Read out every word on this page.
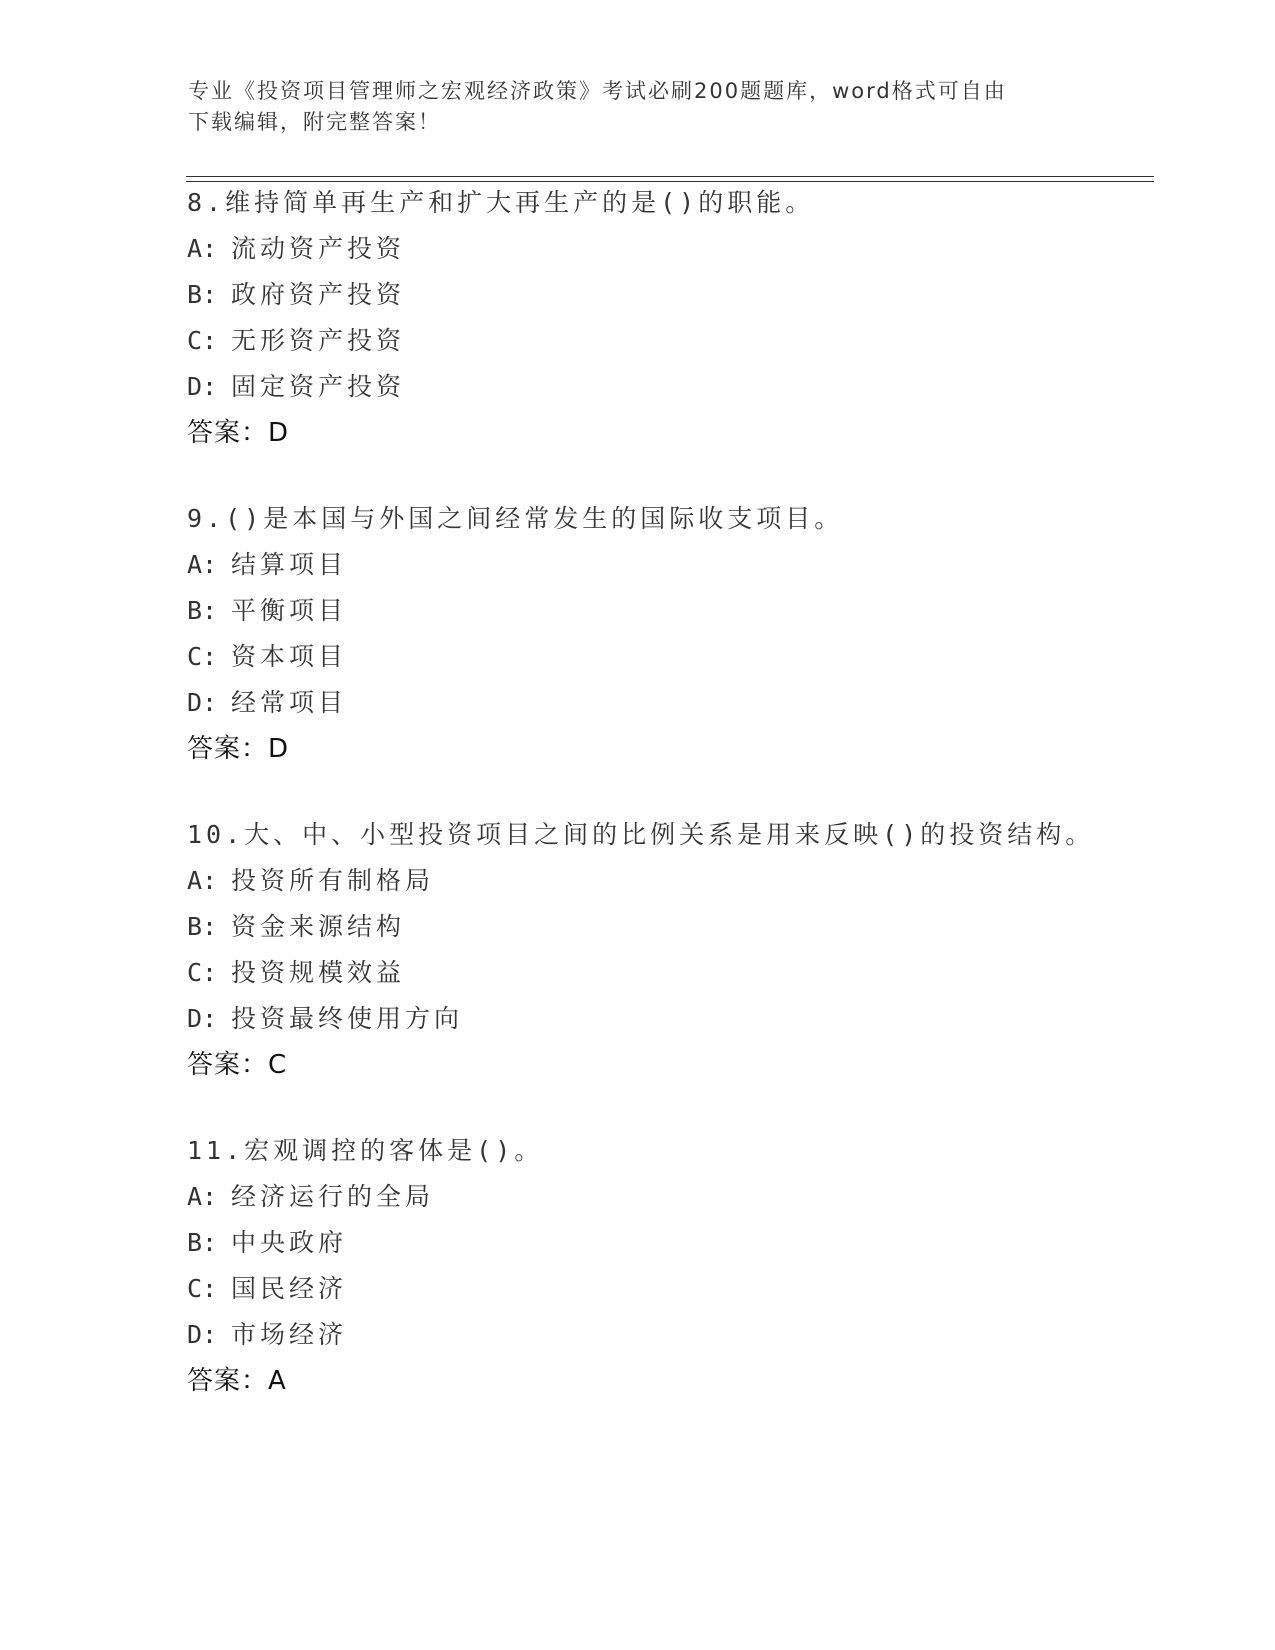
专业《投资项目管理师之宏观经济政策》考试必刷200题题库，word格式可自由
下载编辑，附完整答案！
8.维持简单再生产和扩大再生产的是()的职能。
A: 流动资产投资
B: 政府资产投资
C: 无形资产投资
D: 固定资产投资
答案：D
9.()是本国与外国之间经常发生的国际收支项目。
A: 结算项目
B: 平衡项目
C: 资本项目
D: 经常项目
答案：D
10.大、中、小型投资项目之间的比例关系是用来反映()的投资结构。
A: 投资所有制格局
B: 资金来源结构
C: 投资规模效益
D: 投资最终使用方向
答案：C
11.宏观调控的客体是()。
A: 经济运行的全局
B: 中央政府
C: 国民经济
D: 市场经济
答案：A
